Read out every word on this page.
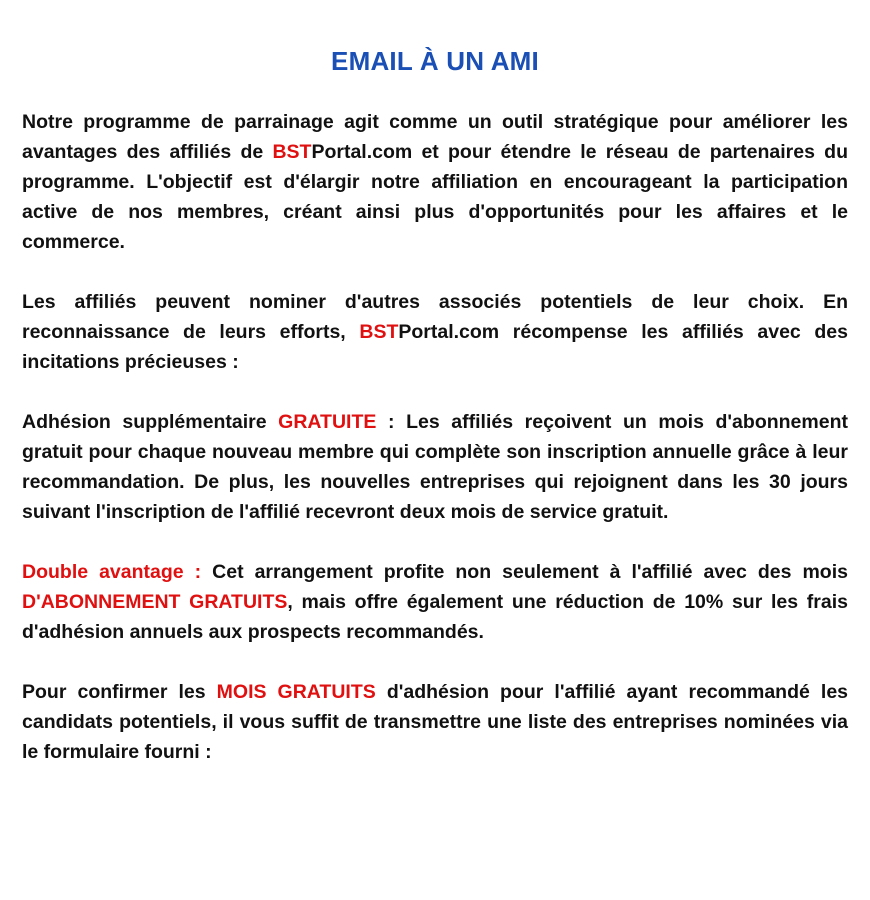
EMAIL À UN AMI

Notre programme de parrainage agit comme un outil stratégique pour améliorer les avantages des affiliés de BSTPortal.com et pour étendre le réseau de partenaires du programme. L'objectif est d'élargir notre affiliation en encourageant la participation active de nos membres, créant ainsi plus d'opportunités pour les affaires et le commerce.

Les affiliés peuvent nominer d'autres associés potentiels de leur choix. En reconnaissance de leurs efforts, BSTPortal.com récompense les affiliés avec des incitations précieuses :

Adhésion supplémentaire GRATUITE : Les affiliés reçoivent un mois d'abonnement gratuit pour chaque nouveau membre qui complète son inscription annuelle grâce à leur recommandation. De plus, les nouvelles entreprises qui rejoignent dans les 30 jours suivant l'inscription de l'affilié recevront deux mois de service gratuit.

Double avantage : Cet arrangement profite non seulement à l'affilié avec des mois D'ABONNEMENT GRATUITS, mais offre également une réduction de 10% sur les frais d'adhésion annuels aux prospects recommandés.

Pour confirmer les MOIS GRATUITS d'adhésion pour l'affilié ayant recommandé les candidats potentiels, il vous suffit de transmettre une liste des entreprises nominées via le formulaire fourni :
